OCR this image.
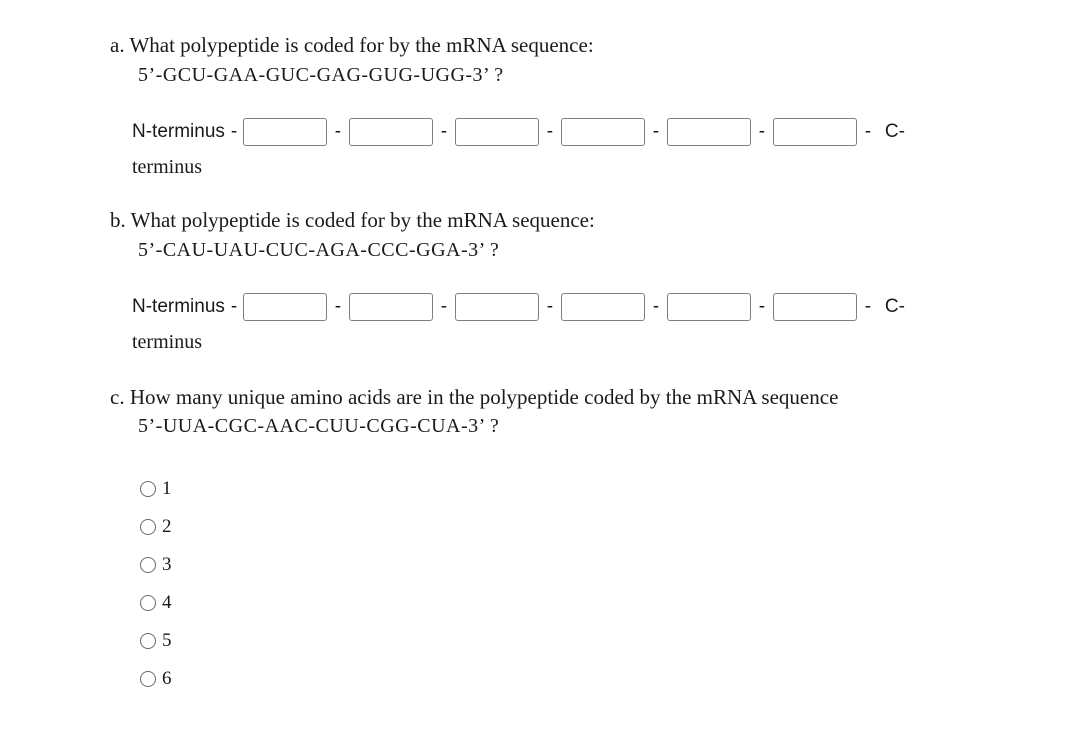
a. What polypeptide is coded for by the mRNA sequence:
5’-GCU-GAA-GUC-GAG-GUG-UGG-3’ ?
N-terminus -	-	-	-	-	-	- C-
terminus
b. What polypeptide is coded for by the mRNA sequence:
5’-CAU-UAU-CUC-AGA-CCC-GGA-3’ ?
N-terminus -	-	-	-	-	-	- C-
terminus
c. How many unique amino acids are in the polypeptide coded by the mRNA sequence
5’-UUA-CGC-AAC-CUU-CGG-CUA-3’ ?
1
2
3
4
5
6
